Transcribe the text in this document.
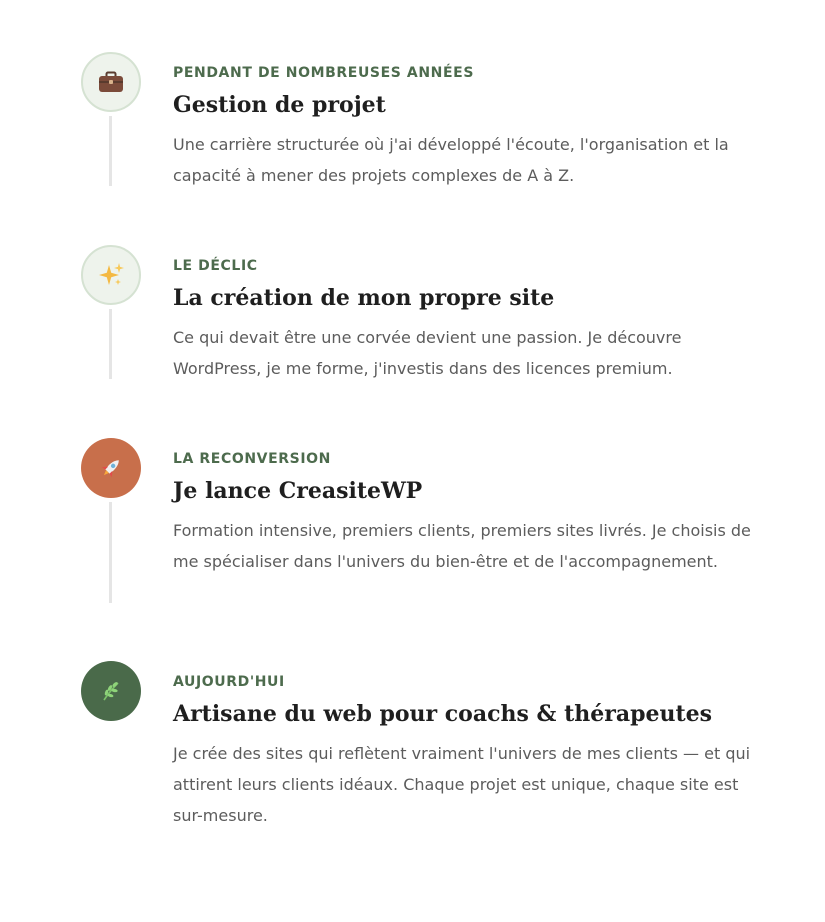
PENDANT DE NOMBREUSES ANNÉES
Gestion de projet

Une carrière structurée où j'ai développé l'écoute, l'organisation et la capacité à mener des projets complexes de A à Z.

LE DÉCLIC
La création de mon propre site

Ce qui devait être une corvée devient une passion. Je découvre WordPress, je me forme, j'investis dans des licences premium.

LA RECONVERSION
Je lance CreasiteWP

Formation intensive, premiers clients, premiers sites livrés. Je choisis de me spécialiser dans l'univers du bien-être et de l'accompagnement.

AUJOURD'HUI
Artisane du web pour coachs & thérapeutes

Je crée des sites qui reflètent vraiment l'univers de mes clients — et qui attirent leurs clients idéaux. Chaque projet est unique, chaque site est sur-mesure.
